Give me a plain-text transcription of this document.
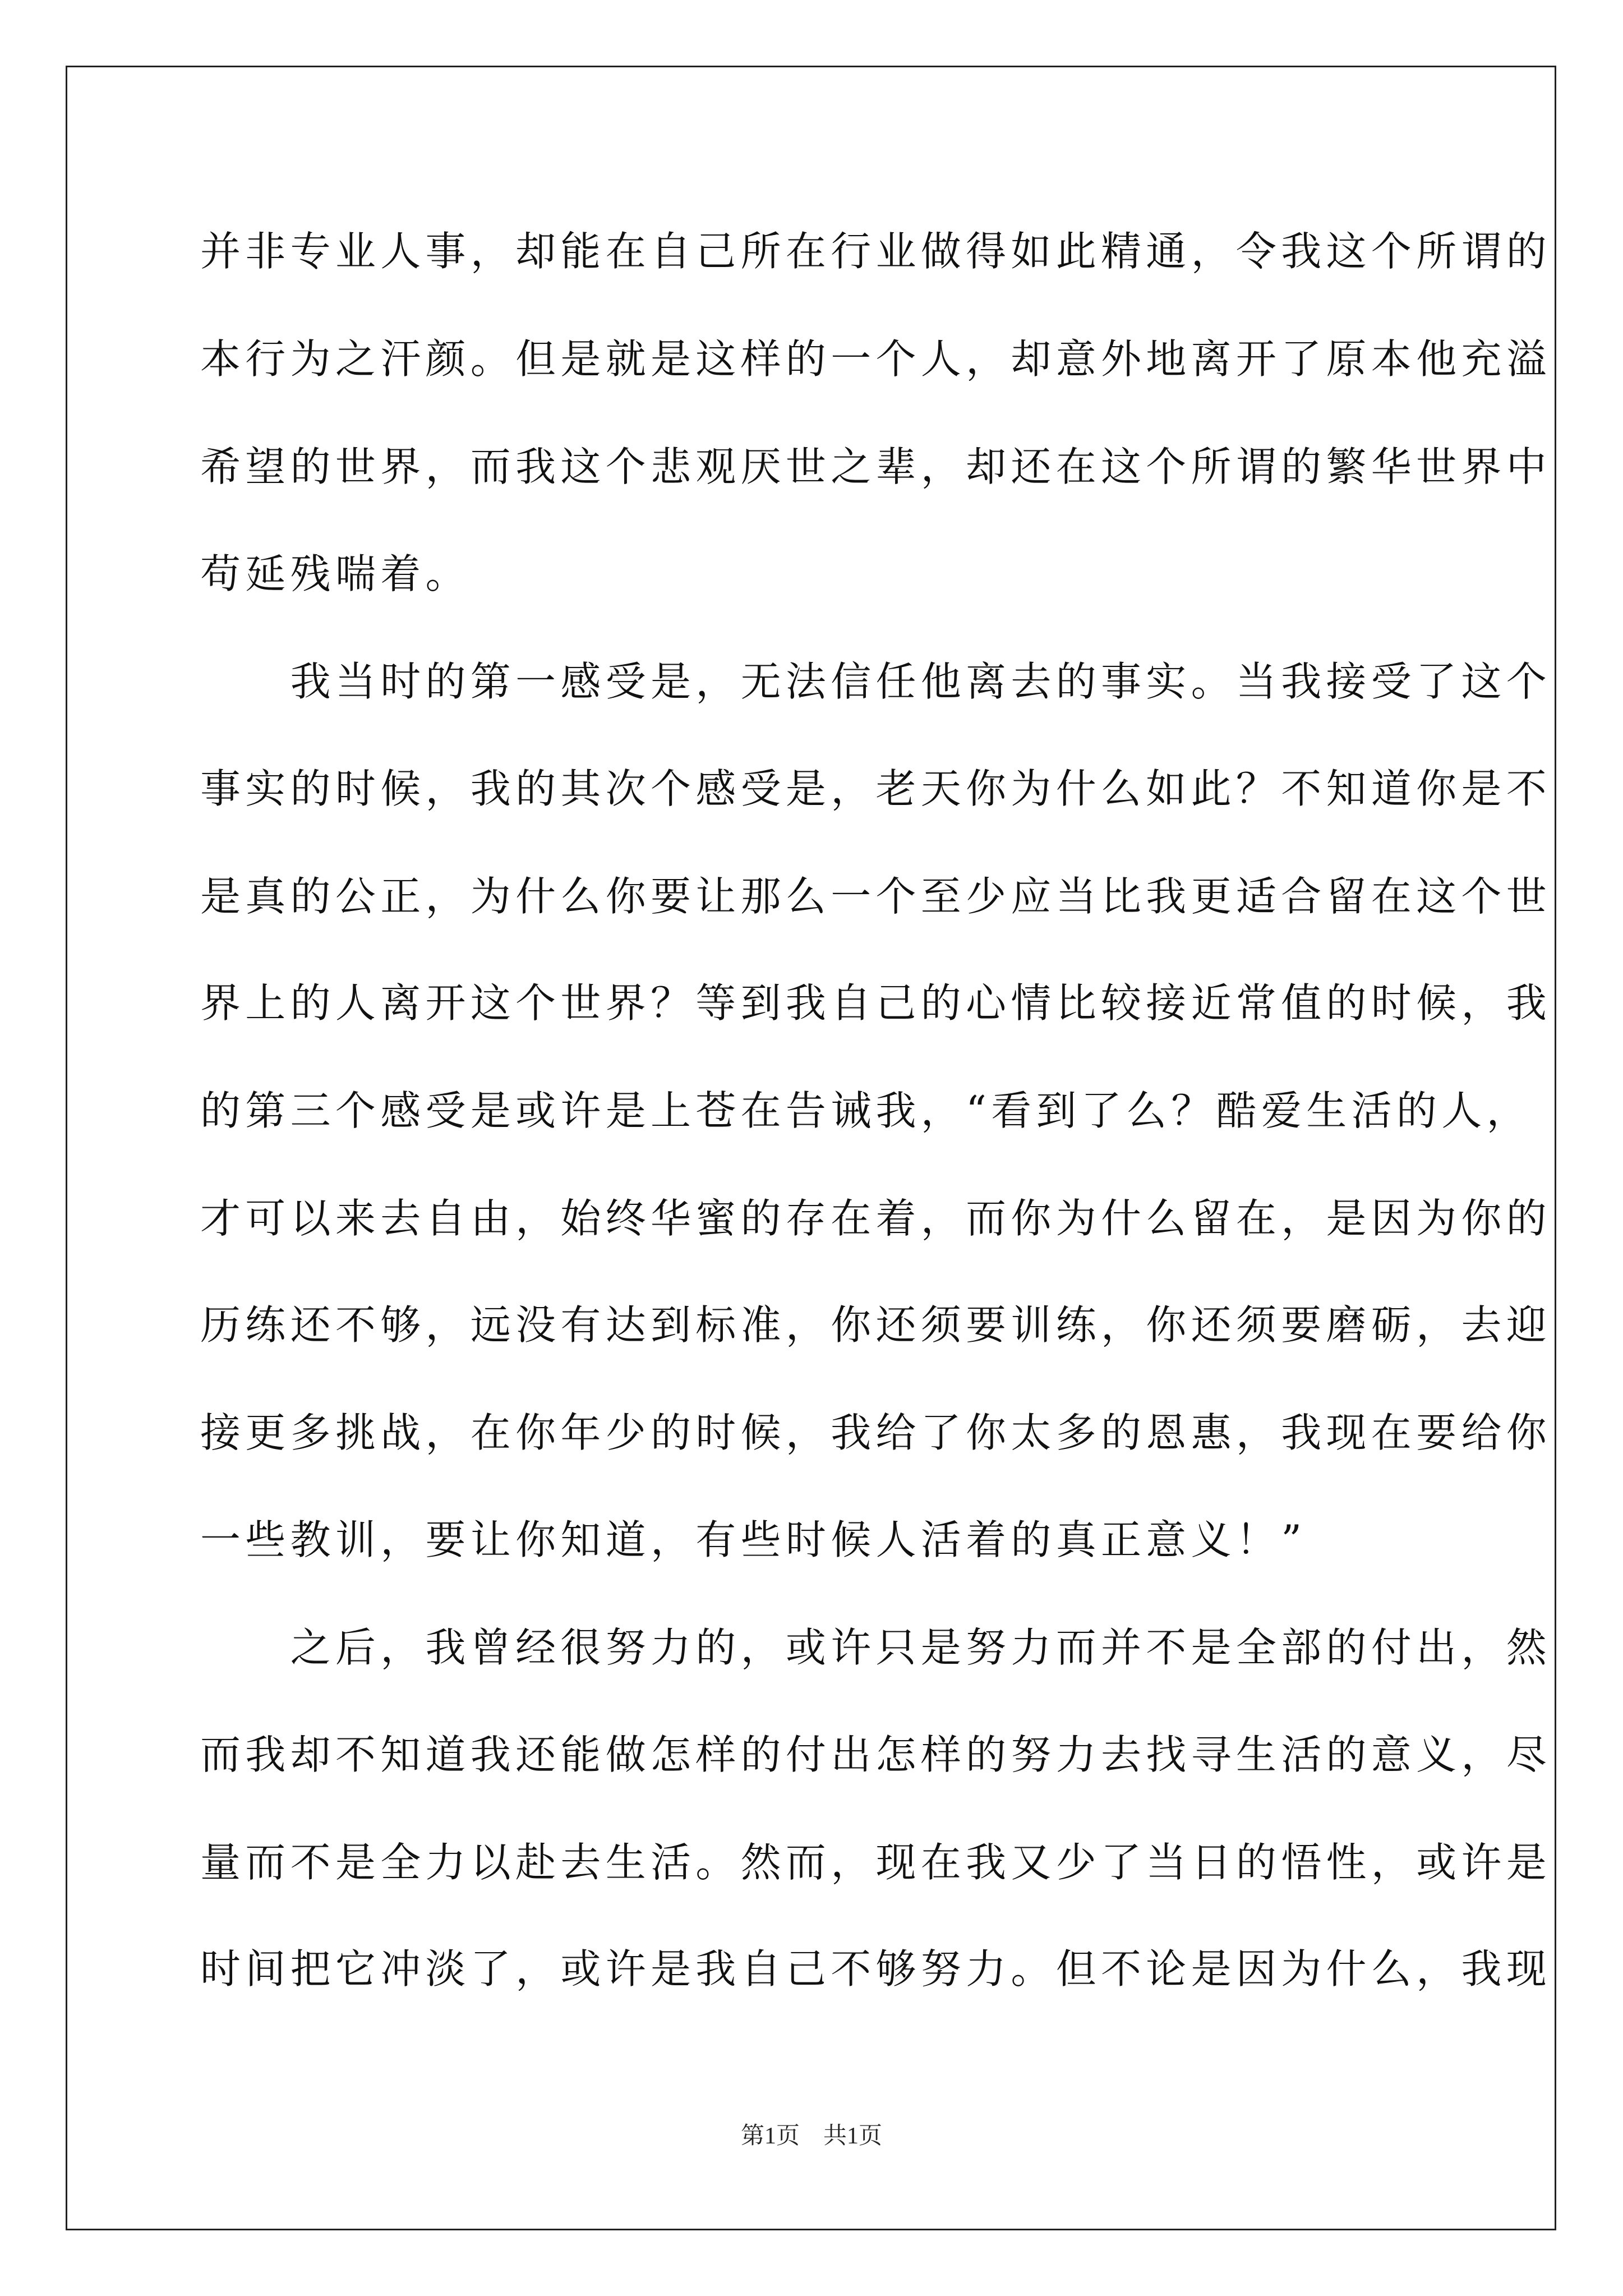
并非专业人事，却能在自己所在行业做得如此精通，令我这个所谓的
本行为之汗颜。但是就是这样的一个人，却意外地离开了原本他充溢
希望的世界，而我这个悲观厌世之辈，却还在这个所谓的繁华世界中
苟延残喘着。
　　我当时的第一感受是，无法信任他离去的事实。当我接受了这个
事实的时候，我的其次个感受是，老天你为什么如此？不知道你是不
是真的公正，为什么你要让那么一个至少应当比我更适合留在这个世
界上的人离开这个世界？等到我自己的心情比较接近常值的时候，我
的第三个感受是或许是上苍在告诫我，“看到了么？酷爱生活的人，
才可以来去自由，始终华蜜的存在着，而你为什么留在，是因为你的
历练还不够，远没有达到标准，你还须要训练，你还须要磨砺，去迎
接更多挑战，在你年少的时候，我给了你太多的恩惠，我现在要给你
一些教训，要让你知道，有些时候人活着的真正意义！”
　　之后，我曾经很努力的，或许只是努力而并不是全部的付出，然
而我却不知道我还能做怎样的付出怎样的努力去找寻生活的意义，尽
量而不是全力以赴去生活。然而，现在我又少了当日的悟性，或许是
时间把它冲淡了，或许是我自己不够努力。但不论是因为什么，我现
第1页　共1页
